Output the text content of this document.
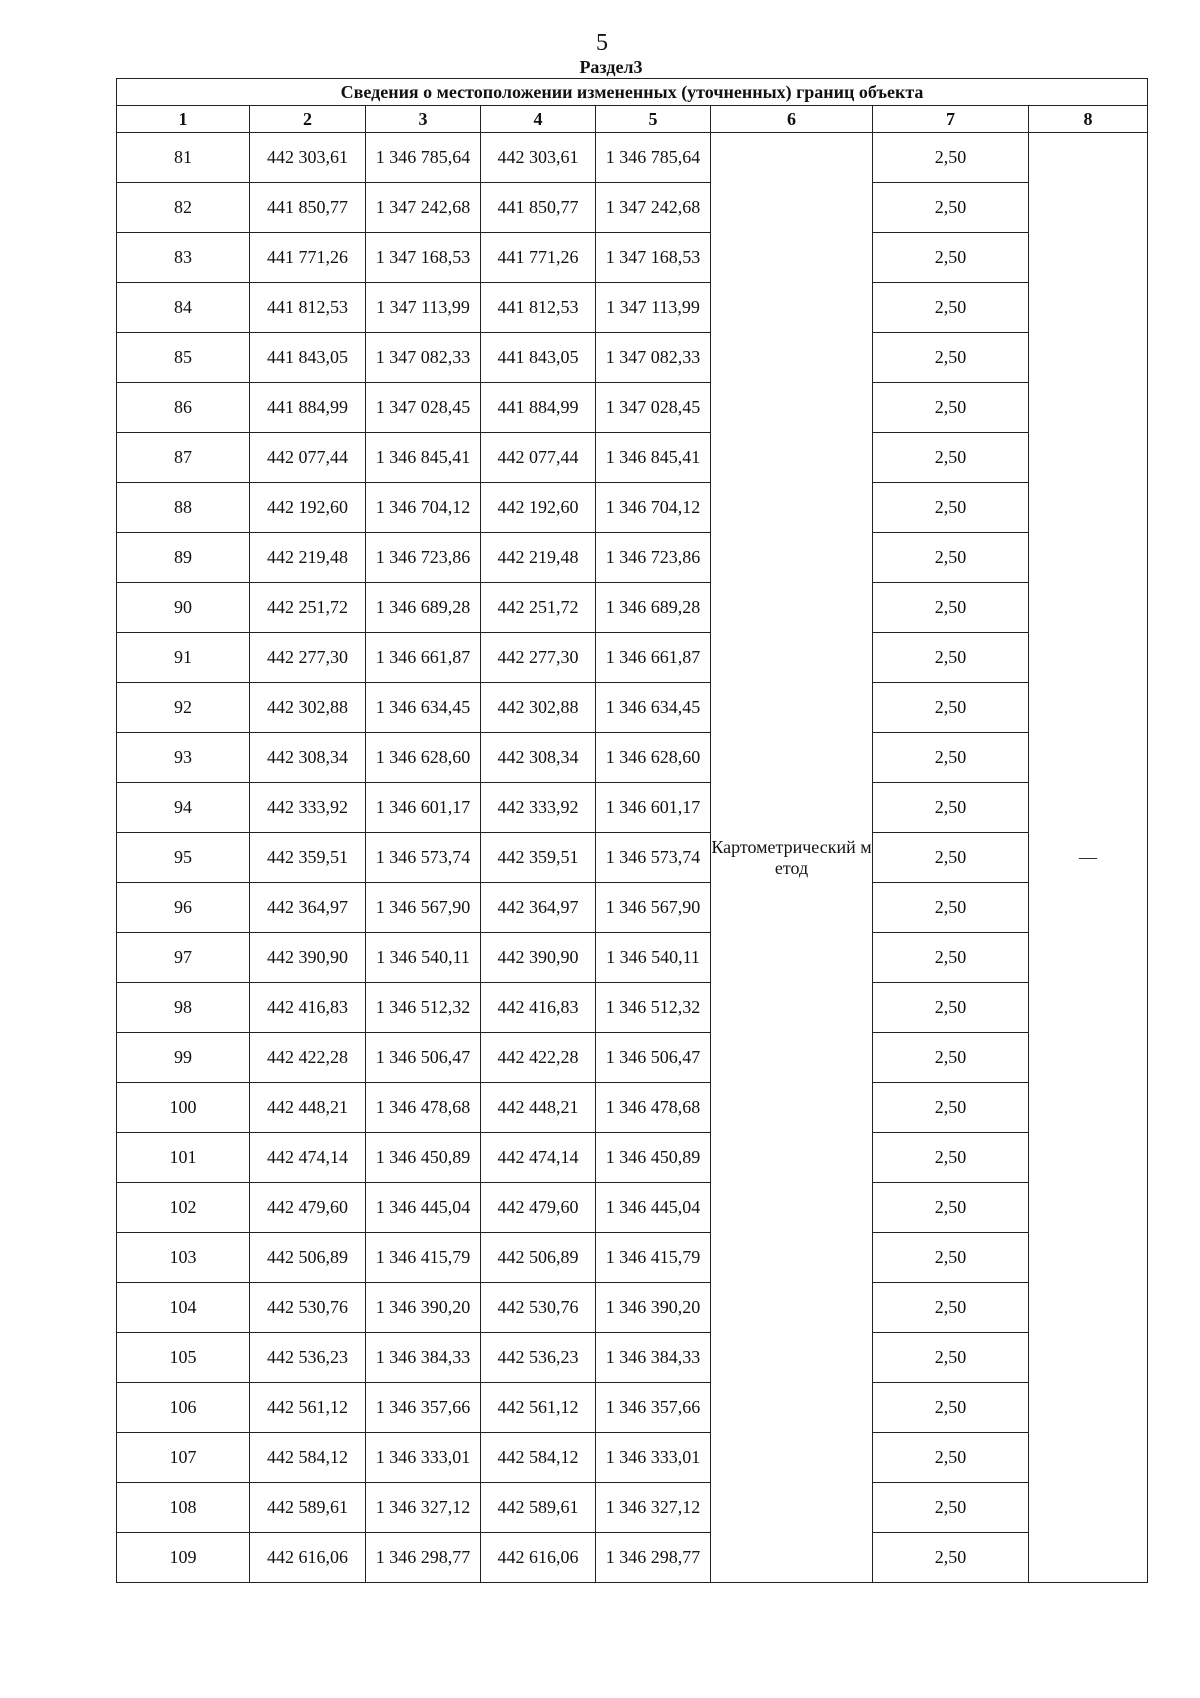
5
Раздел3
Сведения о местоположении измененных (уточненных) границ объекта							
1	2	3	4	5	6	7	8
81	442 303,61	1 346 785,64	442 303,61	1 346 785,64	Картометрический метод	2,50	—
82	441 850,77	1 347 242,68	441 850,77	1 347 242,68		2,50	
83	441 771,26	1 347 168,53	441 771,26	1 347 168,53		2,50	
84	441 812,53	1 347 113,99	441 812,53	1 347 113,99		2,50	
85	441 843,05	1 347 082,33	441 843,05	1 347 082,33		2,50	
86	441 884,99	1 347 028,45	441 884,99	1 347 028,45		2,50	
87	442 077,44	1 346 845,41	442 077,44	1 346 845,41		2,50	
88	442 192,60	1 346 704,12	442 192,60	1 346 704,12		2,50	
89	442 219,48	1 346 723,86	442 219,48	1 346 723,86		2,50	
90	442 251,72	1 346 689,28	442 251,72	1 346 689,28		2,50	
91	442 277,30	1 346 661,87	442 277,30	1 346 661,87		2,50	
92	442 302,88	1 346 634,45	442 302,88	1 346 634,45		2,50	
93	442 308,34	1 346 628,60	442 308,34	1 346 628,60		2,50	
94	442 333,92	1 346 601,17	442 333,92	1 346 601,17		2,50	
95	442 359,51	1 346 573,74	442 359,51	1 346 573,74		2,50	
96	442 364,97	1 346 567,90	442 364,97	1 346 567,90		2,50	
97	442 390,90	1 346 540,11	442 390,90	1 346 540,11		2,50	
98	442 416,83	1 346 512,32	442 416,83	1 346 512,32		2,50	
99	442 422,28	1 346 506,47	442 422,28	1 346 506,47		2,50	
100	442 448,21	1 346 478,68	442 448,21	1 346 478,68		2,50	
101	442 474,14	1 346 450,89	442 474,14	1 346 450,89		2,50	
102	442 479,60	1 346 445,04	442 479,60	1 346 445,04		2,50	
103	442 506,89	1 346 415,79	442 506,89	1 346 415,79		2,50	
104	442 530,76	1 346 390,20	442 530,76	1 346 390,20		2,50	
105	442 536,23	1 346 384,33	442 536,23	1 346 384,33		2,50	
106	442 561,12	1 346 357,66	442 561,12	1 346 357,66		2,50	
107	442 584,12	1 346 333,01	442 584,12	1 346 333,01		2,50	
108	442 589,61	1 346 327,12	442 589,61	1 346 327,12		2,50	
109	442 616,06	1 346 298,77	442 616,06	1 346 298,77		2,50	
